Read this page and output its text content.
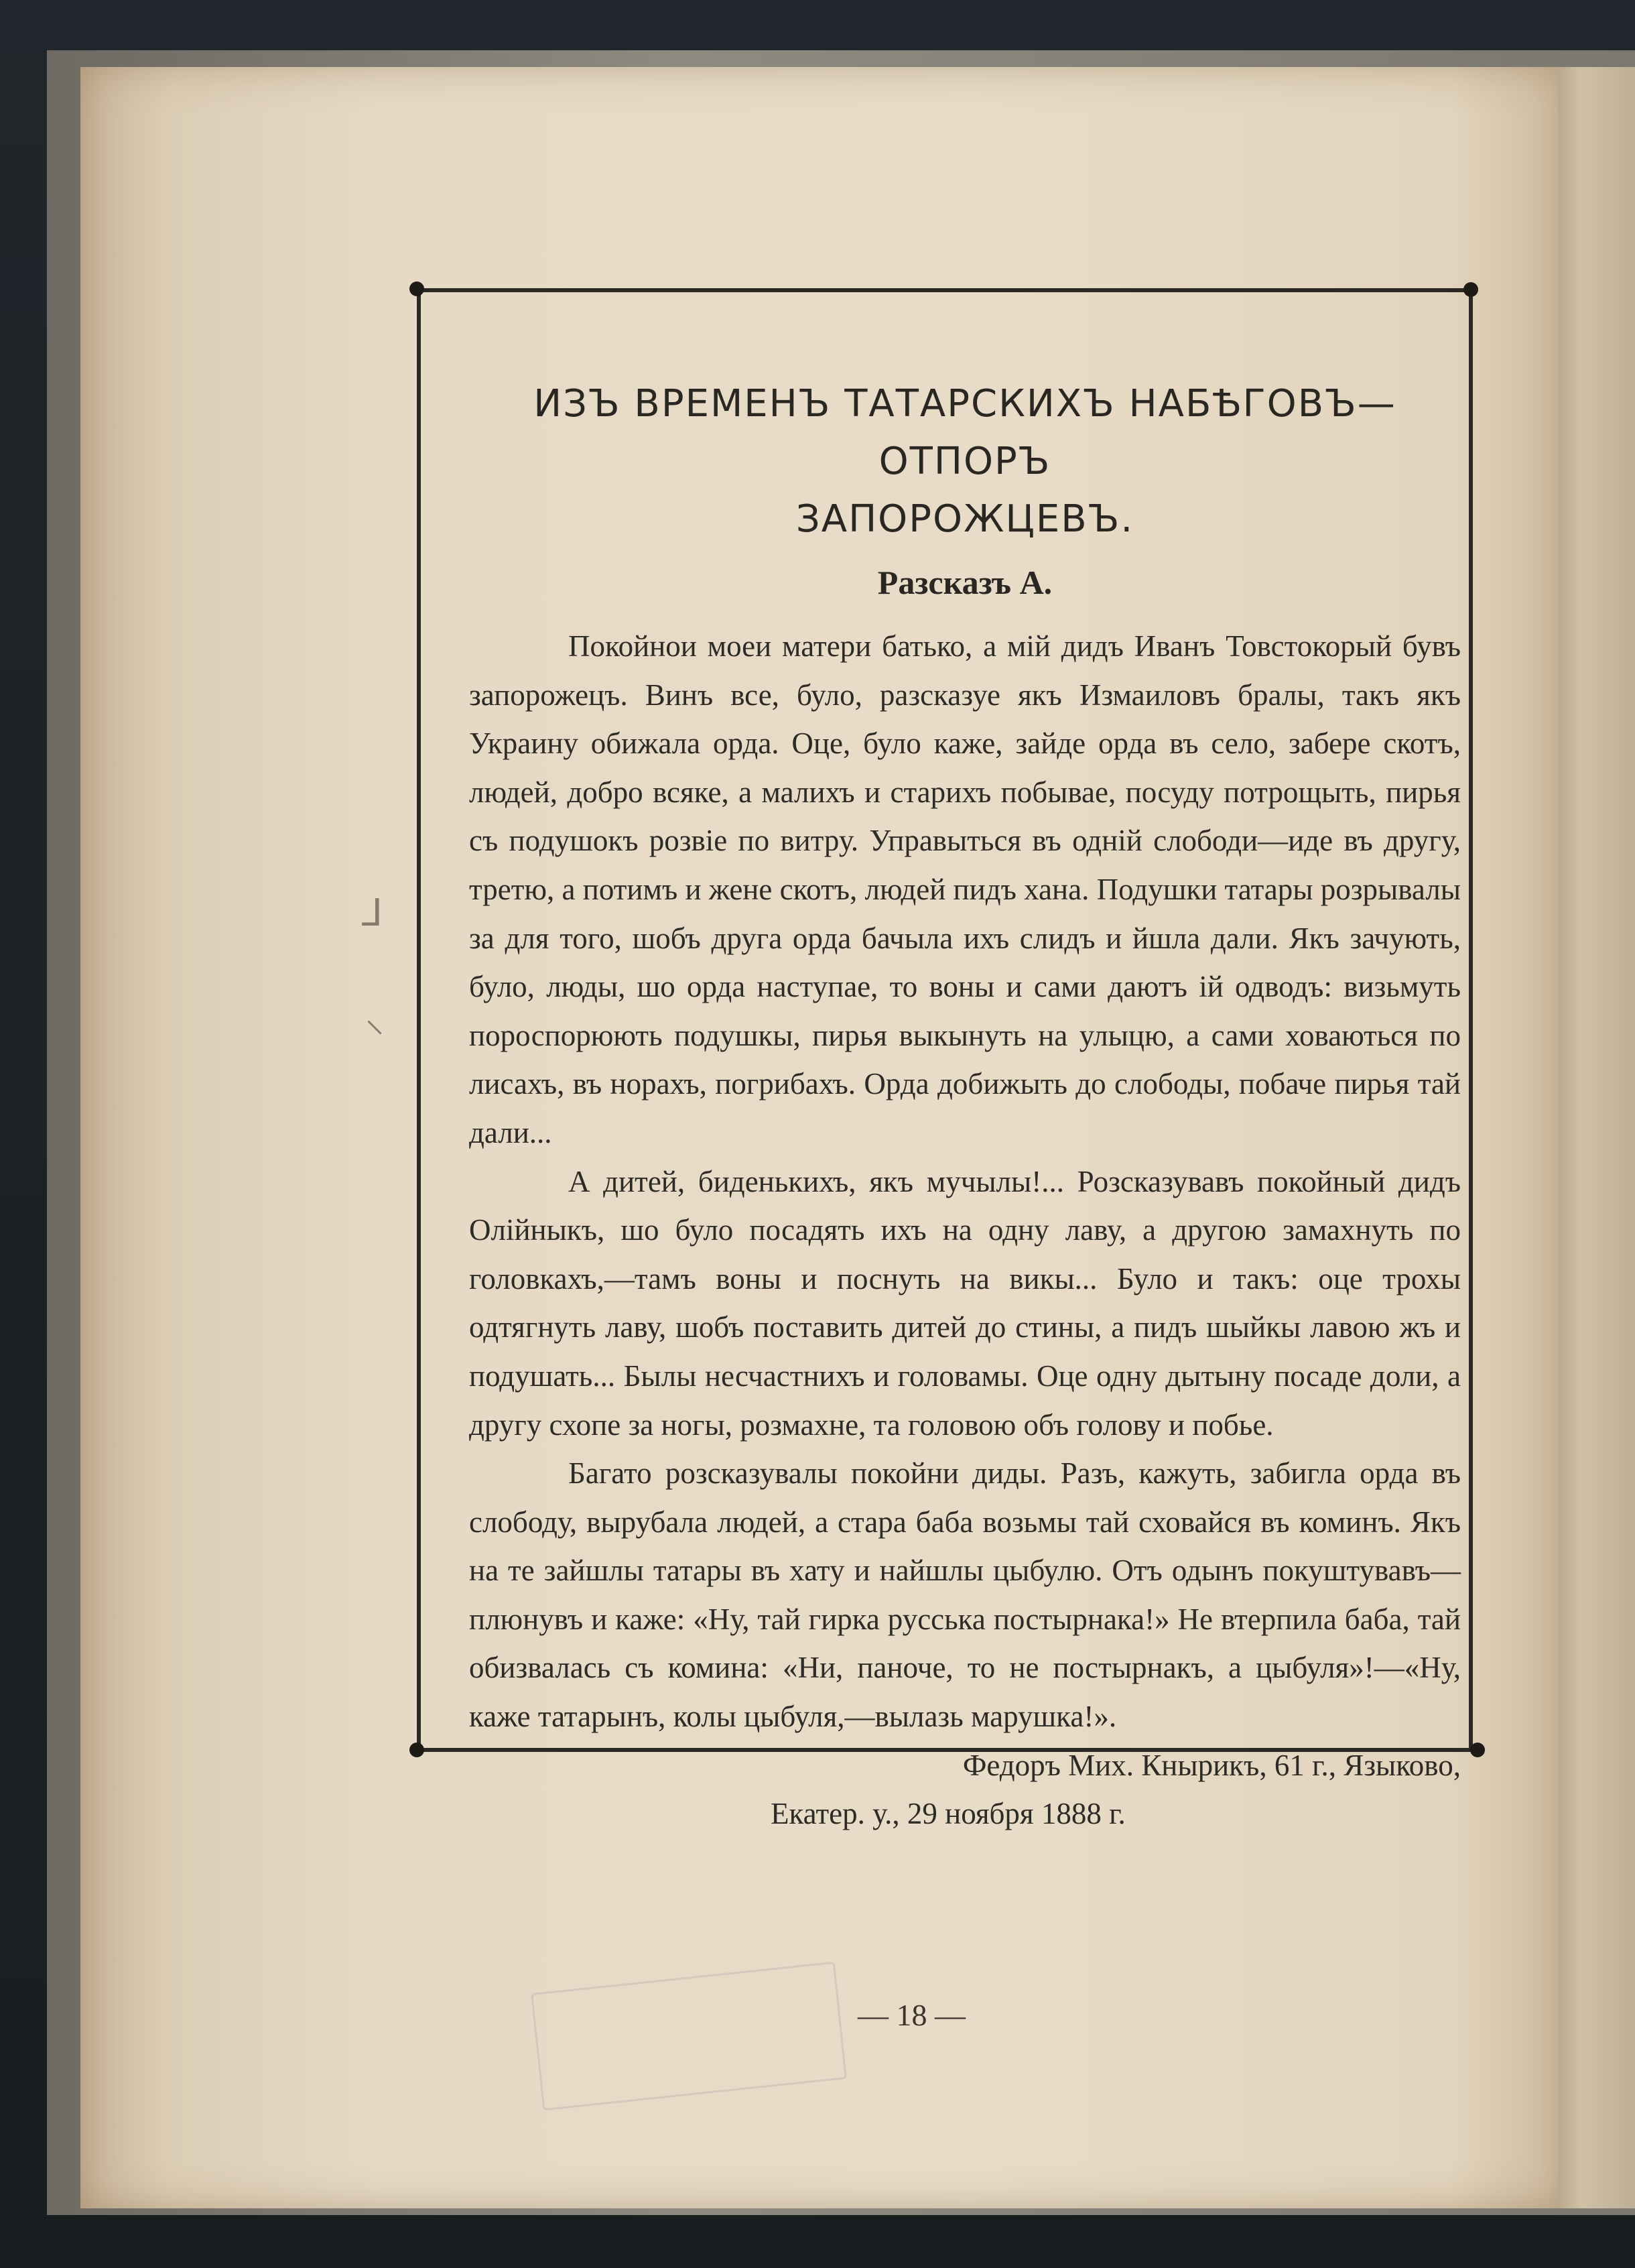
ИЗЪ ВРЕМЕНЪ ТАТАРСКИХЪ НАБѢГОВЪ—ОТПОРЪ
ЗАПОРОЖЦЕВЪ.
Разсказъ А.

Покойнои моеи матери батько, а мій дидъ Иванъ Товстокорый бувъ запорожецъ. Винъ все, було, разсказуе якъ Измаиловъ бралы, такъ якъ Украину обижала орда. Оце, було каже, зайде орда въ село, забере скотъ, людей, добро всяке, а малихъ и старихъ побывае, посуду потрощыть, пирья съ подушокъ розвіе по витру. Управыться въ одній слободи—иде въ другу, третю, а потимъ и жене скотъ, людей пидъ хана. Подушки татары розрывалы за для того, шобъ друга орда бачыла ихъ слидъ и йшла дали. Якъ зачують, було, люды, шо орда наступае, то воны и сами даютъ ій одводъ: визьмуть пороспорюють подушкы, пирья выкынуть на улыцю, а сами ховаються по лисахъ, въ норахъ, погрибахъ. Орда добижыть до слободы, побаче пирья тай дали...

А дитей, биденькихъ, якъ мучылы!... Розсказувавъ покойный дидъ Олійныкъ, шо було посадять ихъ на одну лаву, а другою замахнуть по головкахъ,—тамъ воны и поснуть на викы... Було и такъ: оце трохы одтягнуть лаву, шобъ поставить дитей до стины, а пидъ шыйкы лавою жъ и подушать... Былы несчастнихъ и головамы. Оце одну дытыну посаде доли, а другу схопе за ногы, розмахне, та головою объ голову и побье.

Багато розсказувалы покойни диды. Разъ, кажуть, забигла орда въ слободу, вырубала людей, а стара баба возьмы тай сховайся въ коминъ. Якъ на те зайшлы татары въ хату и найшлы цыбулю. Отъ одынъ покуштувавъ—плюнувъ и каже: «Ну, тай гирка русська постырнака!» Не втерпила баба, тай обизвалась съ комина: «Ни, паноче, то не постырнакъ, а цыбуля»!—«Ну, каже татарынъ, колы цыбуля,—вылазь марушка!».

Федоръ Мих. Кнырикъ, 61 г., Языково,

Екатер. у., 29 ноября 1888 г.

⅃
⸜
— 18 —
